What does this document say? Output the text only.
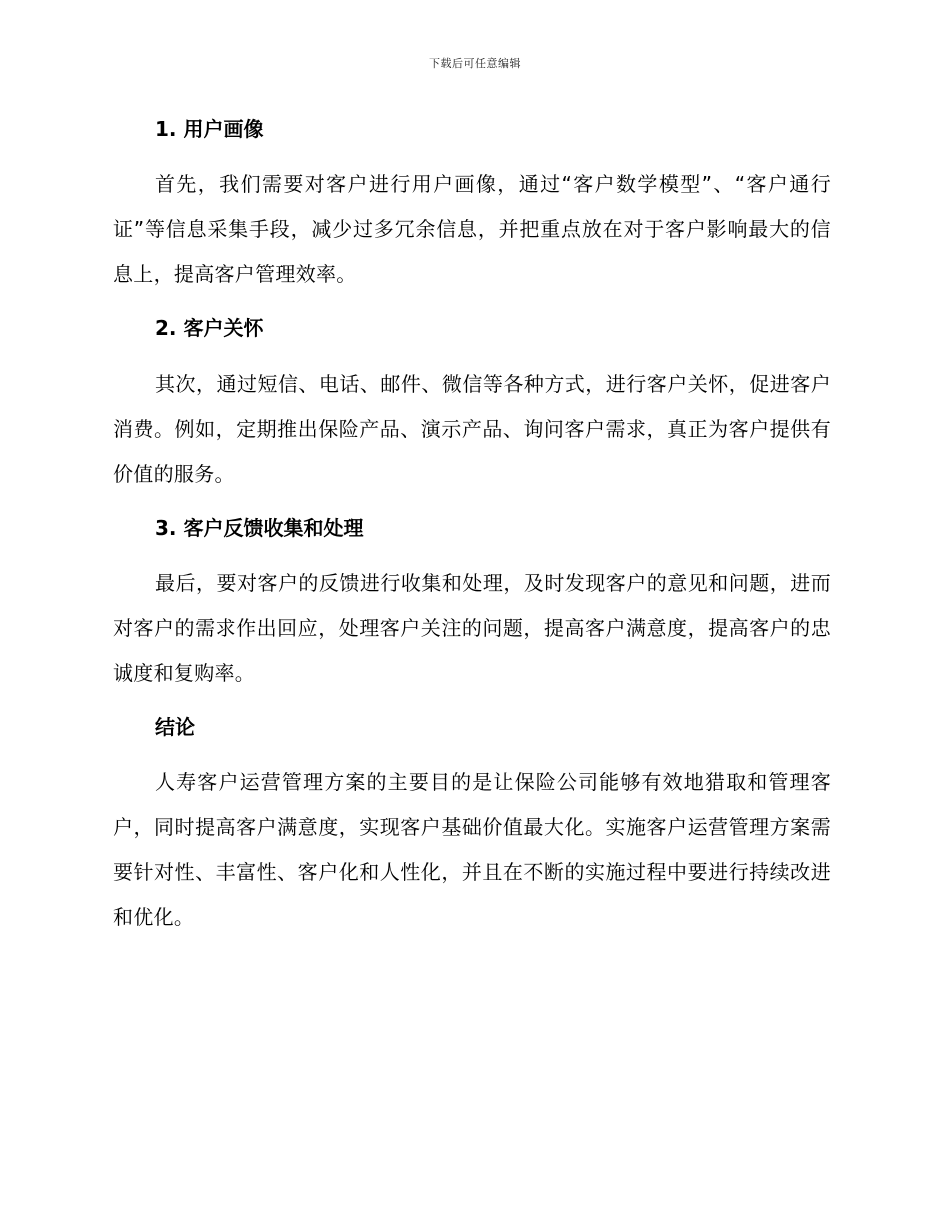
下载后可任意编辑
1. 用户画像

首先，我们需要对客户进行用户画像，通过“客户数学模型”、“客户通行证”等信息采集手段，减少过多冗余信息，并把重点放在对于客户影响最大的信息上，提高客户管理效率。

2. 客户关怀

其次，通过短信、电话、邮件、微信等各种方式，进行客户关怀，促进客户消费。例如，定期推出保险产品、演示产品、询问客户需求，真正为客户提供有价值的服务。

3. 客户反馈收集和处理

最后，要对客户的反馈进行收集和处理，及时发现客户的意见和问题，进而对客户的需求作出回应，处理客户关注的问题，提高客户满意度，提高客户的忠诚度和复购率。

结论

人寿客户运营管理方案的主要目的是让保险公司能够有效地猎取和管理客户，同时提高客户满意度，实现客户基础价值最大化。实施客户运营管理方案需要针对性、丰富性、客户化和人性化，并且在不断的实施过程中要进行持续改进和优化。
